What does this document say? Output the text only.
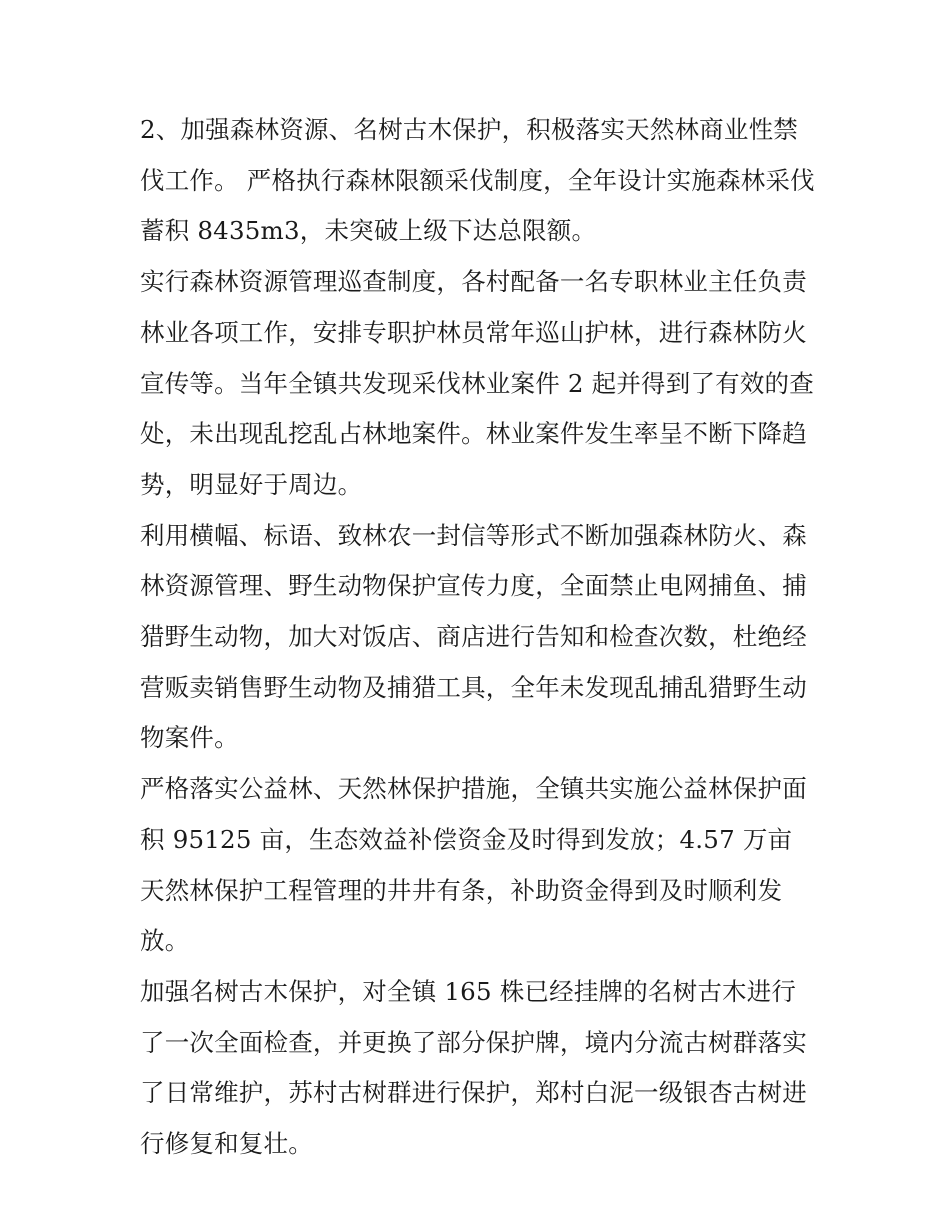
2、加强森林资源、名树古木保护，积极落实天然林商业性禁伐工作。 严格执行森林限额采伐制度，全年设计实施森林采伐蓄积 8435m3，未突破上级下达总限额。

实行森林资源管理巡查制度，各村配备一名专职林业主任负责林业各项工作，安排专职护林员常年巡山护林，进行森林防火宣传等。当年全镇共发现采伐林业案件 2 起并得到了有效的查处，未出现乱挖乱占林地案件。林业案件发生率呈不断下降趋势，明显好于周边。

利用横幅、标语、致林农一封信等形式不断加强森林防火、森林资源管理、野生动物保护宣传力度，全面禁止电网捕鱼、捕猎野生动物，加大对饭店、商店进行告知和检查次数，杜绝经营贩卖销售野生动物及捕猎工具，全年未发现乱捕乱猎野生动物案件。

严格落实公益林、天然林保护措施，全镇共实施公益林保护面积 95125 亩，生态效益补偿资金及时得到发放；4.57 万亩天然林保护工程管理的井井有条，补助资金得到及时顺利发放。

加强名树古木保护，对全镇 165 株已经挂牌的名树古木进行了一次全面检查，并更换了部分保护牌，境内分流古树群落实了日常维护，苏村古树群进行保护，郑村白泥一级银杏古树进行修复和复壮。
